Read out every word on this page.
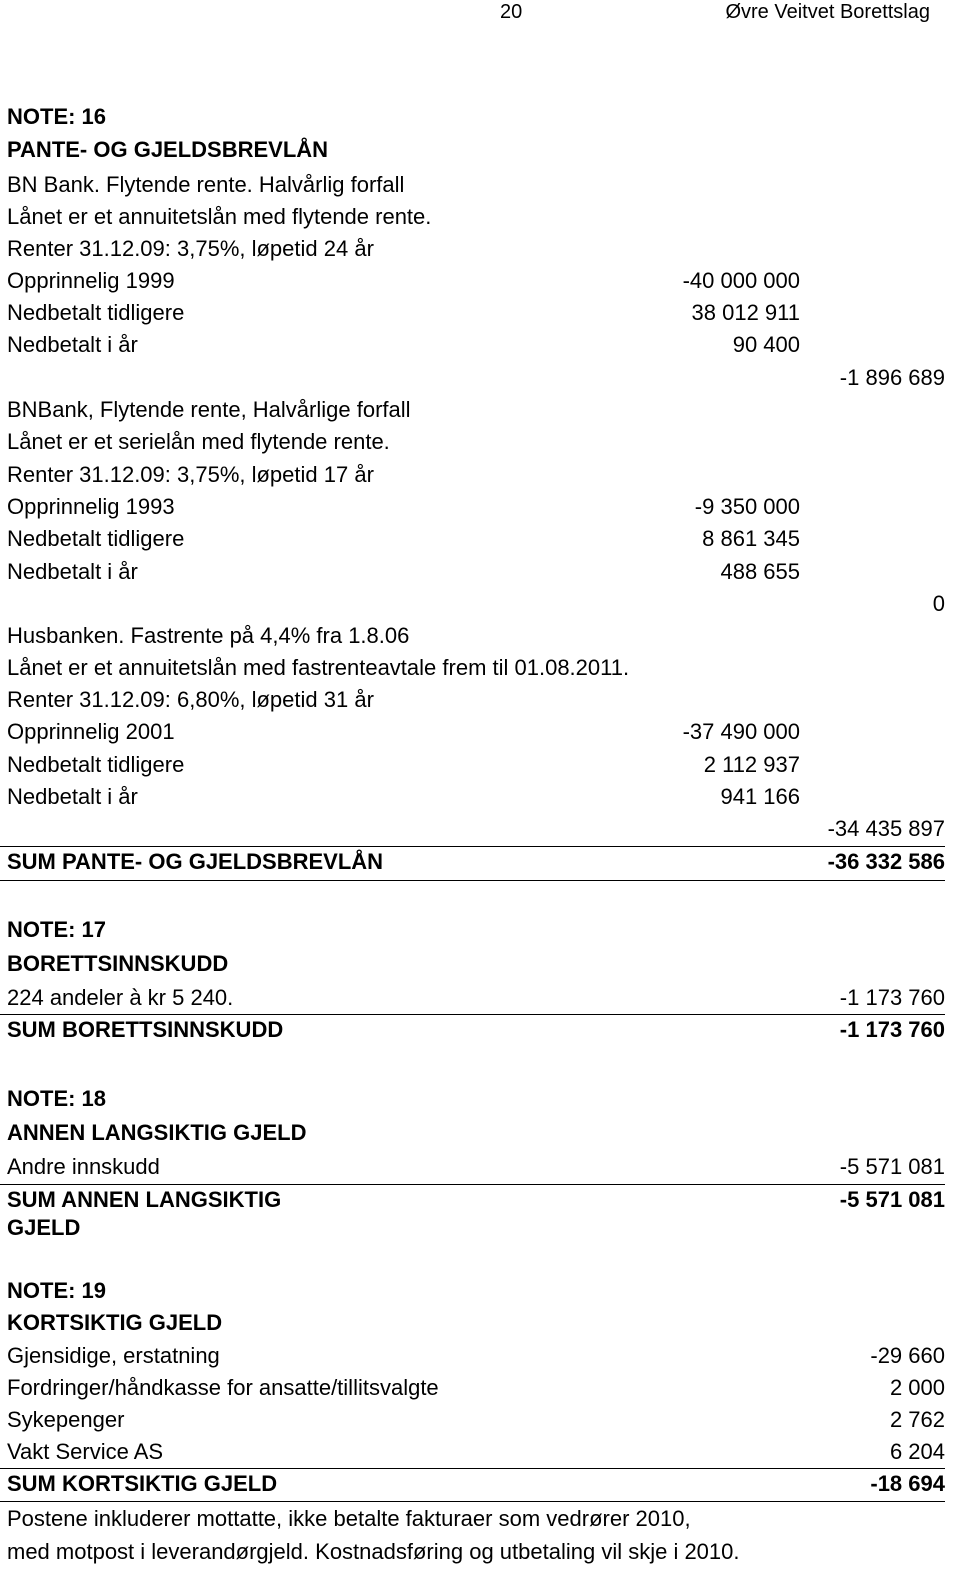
20	Øvre Veitvet Borettslag
NOTE: 16
PANTE- OG GJELDSBREVLÅN
BN Bank. Flytende rente. Halvårlig forfall
Lånet er et annuitetslån med flytende rente.
Renter 31.12.09: 3,75%, løpetid 24 år
Opprinnelig 1999	-40 000 000
Nedbetalt tidligere	38 012 911
Nedbetalt i år	90 400
-1 896 689
BNBank, Flytende rente, Halvårlige forfall
Lånet er et serielån med flytende rente.
Renter 31.12.09: 3,75%, løpetid 17 år
Opprinnelig 1993	-9 350 000
Nedbetalt tidligere	8 861 345
Nedbetalt i år	488 655
0
Husbanken. Fastrente på 4,4% fra 1.8.06
Lånet er et annuitetslån med fastrenteavtale frem til 01.08.2011.
Renter 31.12.09: 6,80%, løpetid 31 år
Opprinnelig 2001	-37 490 000
Nedbetalt tidligere	2 112 937
Nedbetalt i år	941 166
-34 435 897
SUM PANTE- OG GJELDSBREVLÅN	-36 332 586
NOTE: 17
BORETTSINNSKUDD
224 andeler à kr 5 240.	-1 173 760
SUM BORETTSINNSKUDD	-1 173 760
NOTE: 18
ANNEN LANGSIKTIG GJELD
Andre innskudd	-5 571 081
SUM ANNEN LANGSIKTIG	-5 571 081
GJELD
NOTE: 19
KORTSIKTIG GJELD
Gjensidige, erstatning	-29 660
Fordringer/håndkasse for ansatte/tillitsvalgte	2 000
Sykepenger	2 762
Vakt Service AS	6 204
SUM KORTSIKTIG GJELD	-18 694
Postene inkluderer mottatte, ikke betalte fakturaer som vedrører 2010,
med motpost i leverandørgjeld. Kostnadsføring og utbetaling vil skje i 2010.
